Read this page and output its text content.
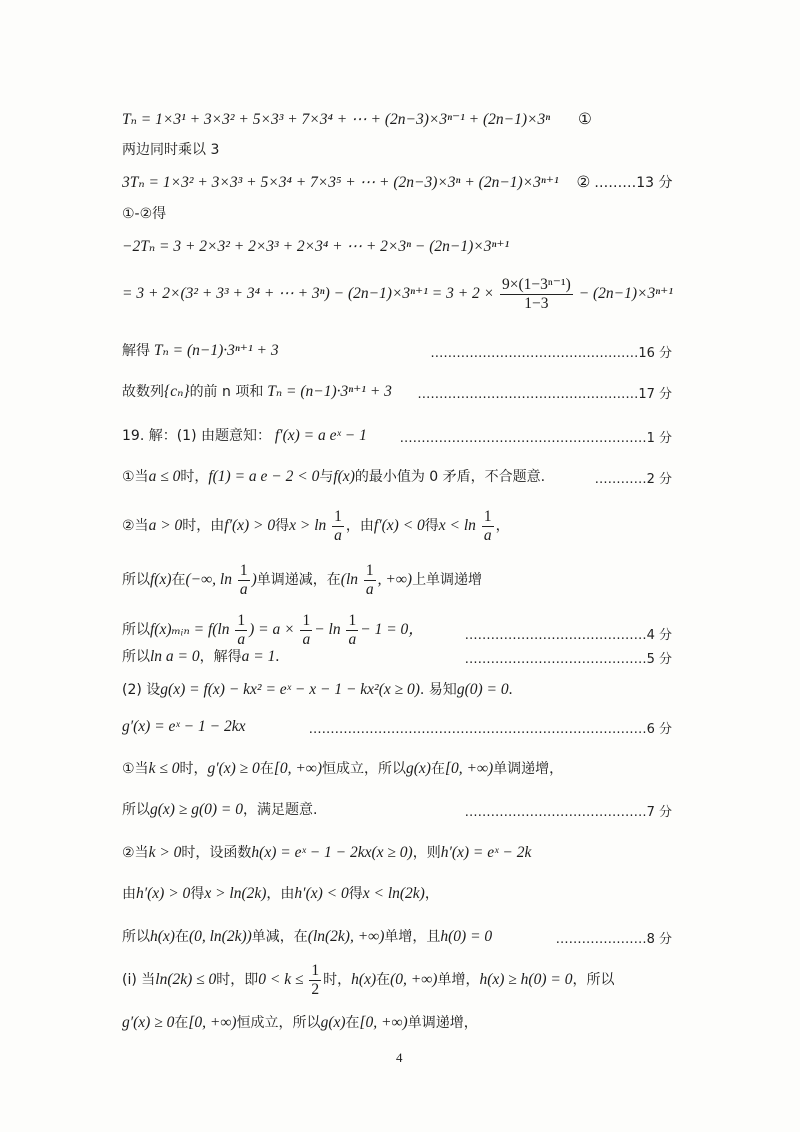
Tₙ = 1×3¹ + 3×3² + 5×3³ + 7×3⁴ + ⋯ + (2n−3)×3ⁿ⁻¹ + (2n−1)×3ⁿ ①
两边同时乘以 3
3Tₙ = 1×3² + 3×3³ + 5×3⁴ + 7×3⁵ + ⋯ + (2n−3)×3ⁿ + (2n−1)×3ⁿ⁺¹ ② ………13 分
①-②得
−2Tₙ = 3 + 2×3² + 2×3³ + 2×3⁴ + ⋯ + 2×3ⁿ − (2n−1)×3ⁿ⁺¹
= 3 + 2×(3² + 3³ + 3⁴ + ⋯ + $3^n) - (2n-1)\times 3^{n+1} = 3 + 2 \times \frac{\text{9×(1−3ⁿ⁻¹)}}{1-3} - (2n-1)\times 3^{n+1}$
解得 Tₙ = (n−1)·3ⁿ⁺¹ + 3	…………………………………………16 分
故数列{cₙ}的前 n 项和 Tₙ = (n−1)·3ⁿ⁺¹ + 3 ……………………………………………17 分
19. 解：(1) 由题意知： f′(x) = a eˣ − 1	…………………………………………………1 分
①当a ≤ 0时，f(1) = a e − 2 < 0与f(x)的最小值为 0 矛盾，不合题意.	…………2 分
②当a > 0时，由f′(x) > 0得$x > \ln \frac{1}{a}$ ，由f′(x) < 0得$x < \ln \frac{1}{a}$ ，
所以f(x)在(−∞, $\ln \frac{1}{a}$ )单调递减，在($\ln \frac{1}{a}$ , +∞)上单调递增
所以f(x)ₘᵢₙ = $f(\ln \frac{1}{a}$ ) = $a \times \frac{1}{a} - \ln \frac{1}{a} - 1 = 0$，	……………………………………4 分
所以ln a = 0，解得a = 1.	……………………………………5 分
(2) 设g(x) = f(x) − kx² = eˣ − x − 1 − kx²(x ≥ 0). 易知g(0) = 0.
g′(x) = eˣ − 1 − 2kx	……………………………………………………………………6 分
①当k ≤ 0时，g′(x) ≥ 0在[0, +∞)恒成立，所以g(x)在[0, +∞)单调递增，
所以g(x) ≥ g(0) = 0，满足题意.	……………………………………7 分
②当k > 0时，设函数h(x) = eˣ − 1 − 2kx(x ≥ 0)，则h′(x) = eˣ − 2k
由h′(x) > 0得x > ln(2k)，由h′(x) < 0得x < ln(2k)，
所以h(x)在(0, ln(2k))单减，在(ln(2k), +∞)单增，且h(0) = 0	…………………8 分
(ⅰ) 当ln(2k) ≤ 0时，即$0 < k \le \frac{1}{2}$ 时，h(x)在(0, +∞)单增，h(x) ≥ h(0) = 0，所以
g′(x) ≥ 0在[0, +∞)恒成立，所以g(x)在[0, +∞)单调递增，
4
